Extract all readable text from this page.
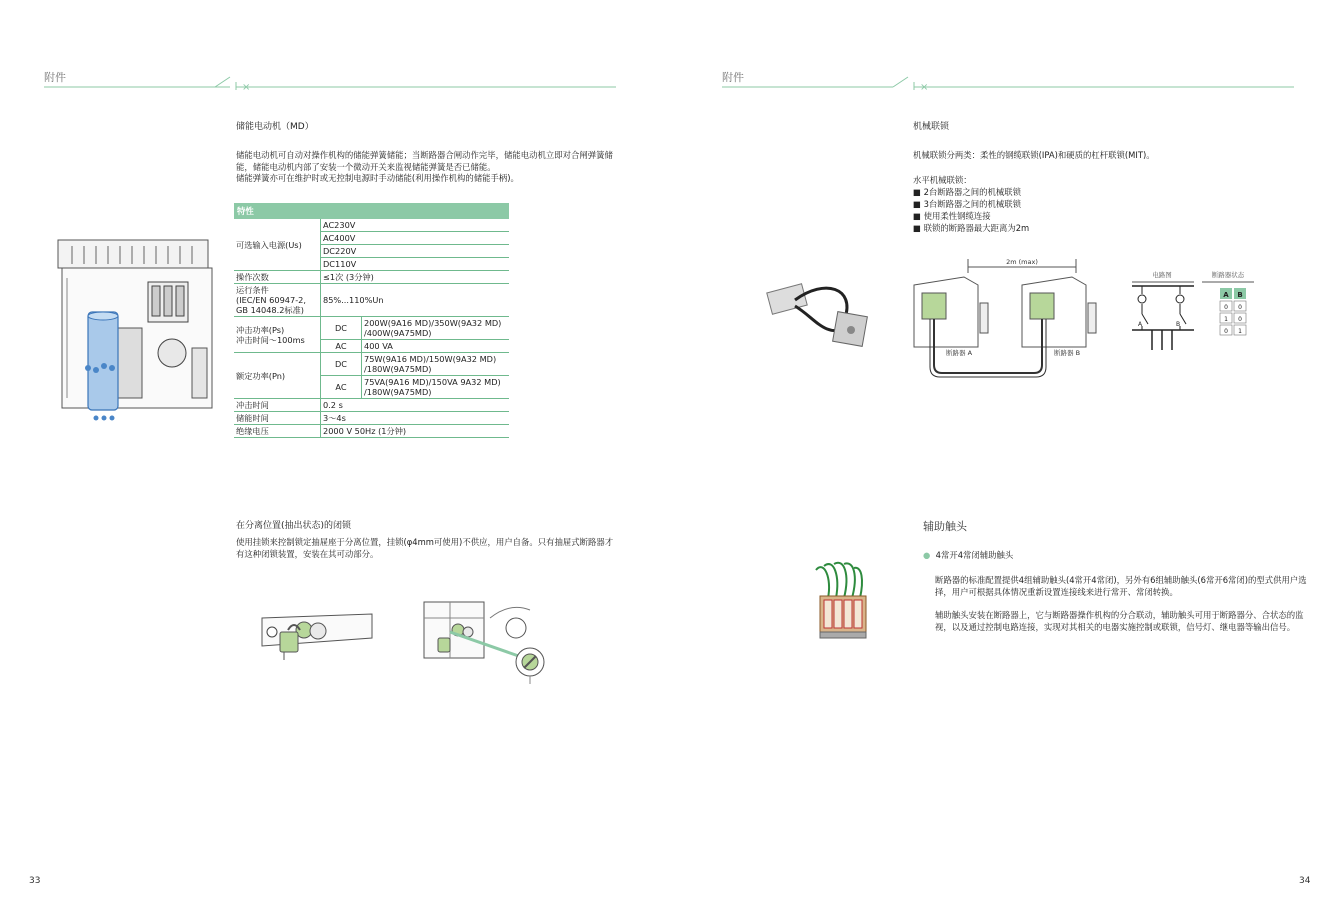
附件
×
储能电动机（MD）
储能电动机可自动对操作机构的储能弹簧储能；当断路器合闸动作完毕，储能电动机立即对合闸弹簧储能，储能电动机内部了安装一个微动开关来监视储能弹簧是否已储能。
储能弹簧亦可在维护时或无控制电源时手动储能(利用操作机构的储能手柄)。
特性		
可选输入电源(Us)	AC230V	
	AC400V	
	DC220V	
	DC110V	
操作次数	≤1次 (3分钟)	
运行条件
(IEC/EN 60947-2,
GB 14048.2标准)	85%...110%Un	
冲击功率(Ps)
冲击时间～100ms	DC	200W(9A16 MD)/350W(9A32 MD)
/400W(9A75MD)
	AC	400 VA
额定功率(Pn)	DC	75W(9A16 MD)/150W(9A32 MD)
/180W(9A75MD)
	AC	75VA(9A16 MD)/150VA 9A32 MD)
/180W(9A75MD)
冲击时间	0.2 s	
储能时间	3～4s	
绝缘电压	2000 V 50Hz (1分钟)	
在分离位置(抽出状态)的闭锁
使用挂锁来控制锁定抽屉座于分离位置，挂锁(φ4mm可使用)不供应，用户自备。只有抽屉式断路器才有这种闭锁装置，安装在其可动部分。
33
附件
×
机械联锁
机械联锁分两类：柔性的钢缆联锁(IPA)和硬质的杠杆联锁(MIT)。
水平机械联锁：
■ 2台断路器之间的机械联锁
■ 3台断路器之间的机械联锁
■ 使用柔性钢缆连接
■ 联锁的断路器最大距离为2m
2m (max)
断路器 A	断路器 B
电路图	断路器状态
A	B
A B
0 0
1 0
0 1
辅助触头
● 4常开4常闭辅助触头
断路器的标准配置提供4组辅助触头(4常开4常闭)，另外有6组辅助触头(6常开6常闭)的型式供用户选择，用户可根据具体情况重新设置连接线来进行常开、常闭转换。
辅助触头安装在断路器上，它与断路器操作机构的分合联动，辅助触头可用于断路器分、合状态的监视，以及通过控制电路连接，实现对其相关的电器实施控制或联锁，信号灯、继电器等输出信号。
34
